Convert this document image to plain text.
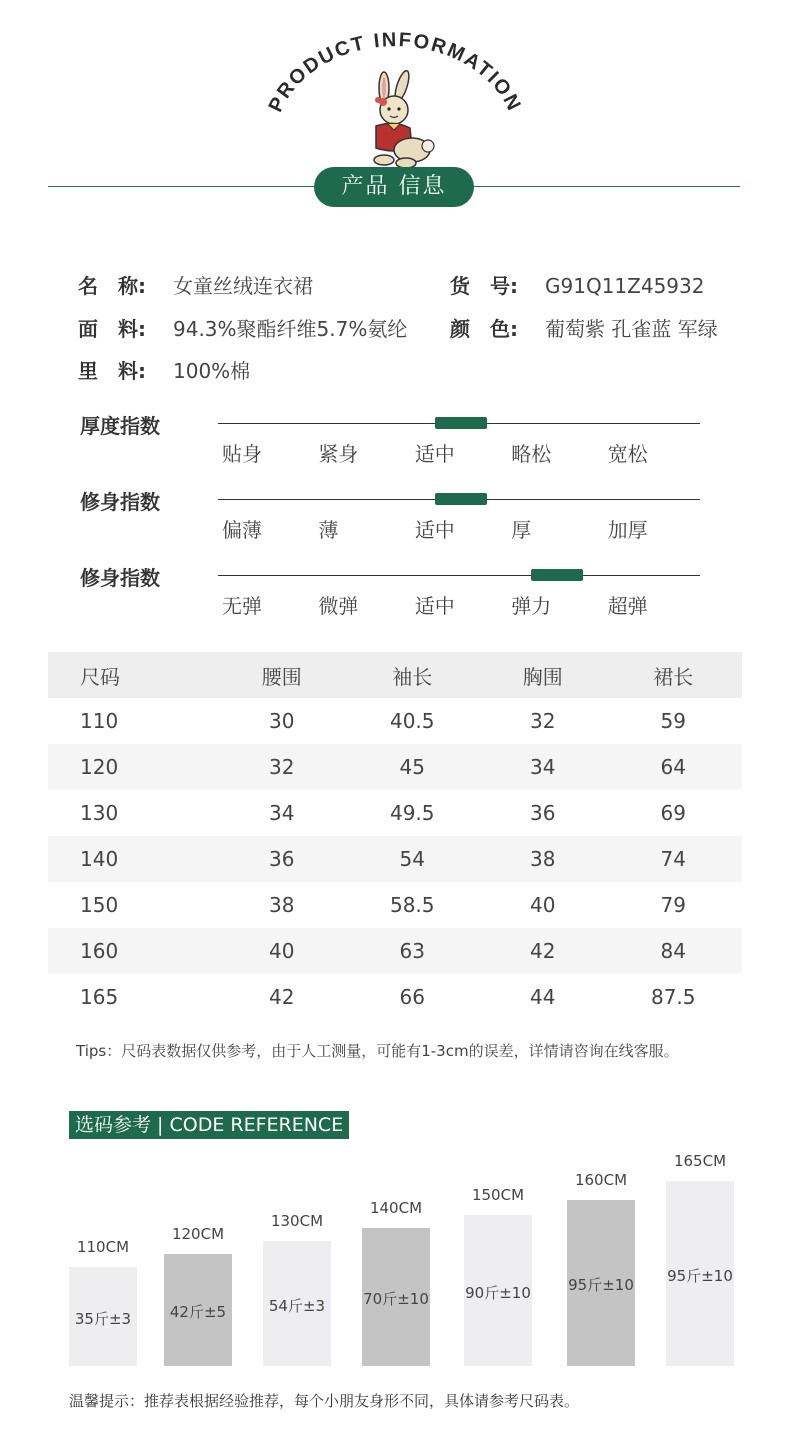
PRODUCT INFORMATION
产品 信息
名　称: 女童丝绒连衣裙	货　号: G91Q11Z45932
面　料: 94.3%聚酯纤维5.7%氨纶 颜　色: 葡萄紫 孔雀蓝 军绿
里　料: 100%棉
厚度指数
贴身	紧身	适中	略松	宽松
修身指数
偏薄	薄	适中	厚	加厚
修身指数
无弹	微弹	适中	弹力	超弹
尺码	腰围	袖长	胸围	裙长
110	30	40.5	32	59
120	32	45	34	64
130	34	49.5	36	69
140	36	54	38	74
150	38	58.5	40	79
160	40	63	42	84
165	42	66	44	87.5
Tips：尺码表数据仅供参考，由于人工测量，可能有1-3cm的误差，详情请咨询在线客服。
选码参考 | CODE REFERENCE
35斤±3
110CM
42斤±5
120CM
54斤±3
130CM
70斤±10
140CM
90斤±10
150CM
95斤±10
160CM
95斤±10
165CM
温馨提示：推荐表根据经验推荐，每个小朋友身形不同，具体请参考尺码表。
